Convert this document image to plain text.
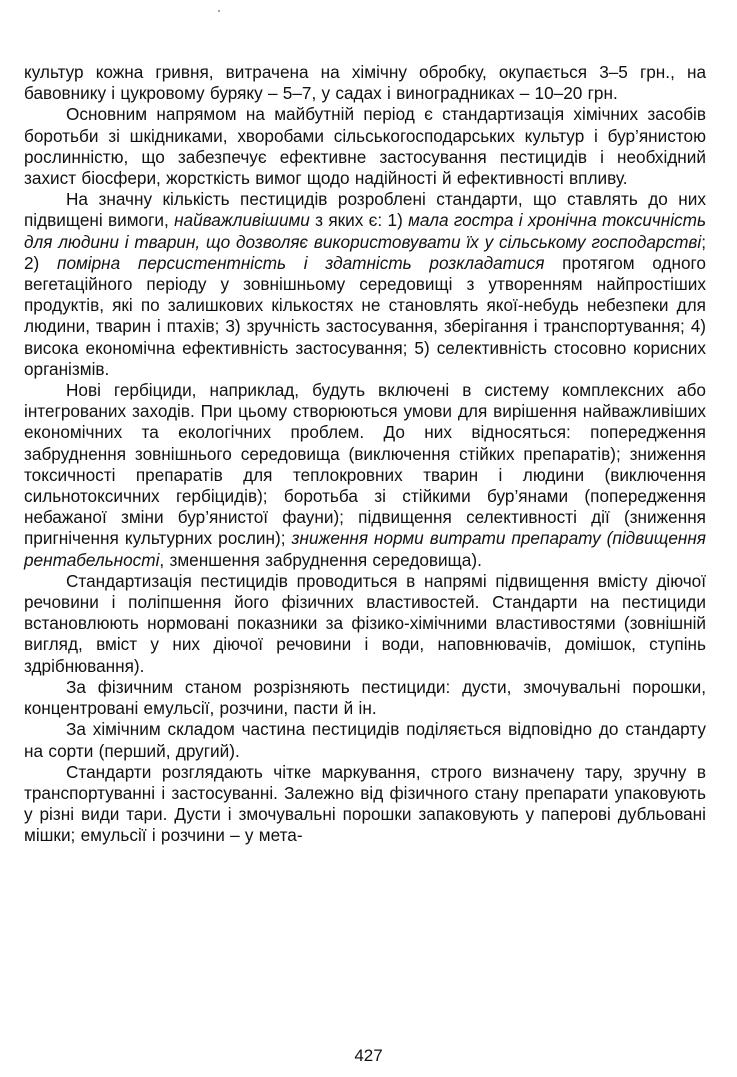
культур кожна гривня, витрачена на хімічну обробку, окупається 3–5 грн., на бавовнику і цукровому буряку – 5–7, у садах і виноградниках – 10–20 грн.

Основним напрямом на майбутній період є стандартизація хімічних засобів боротьби зі шкідниками, хворобами сільськогосподарських культур і бур’янистою рослинністю, що забезпечує ефективне застосування пестицидів і необхідний захист біосфери, жорсткість вимог щодо надійності й ефективності впливу.

На значну кількість пестицидів розроблені стандарти, що ставлять до них підвищені вимоги, найважливішими з яких є: 1) мала гостра і хронічна токсичність для людини і тварин, що дозволяє використовувати їх у сільському господарстві; 2) помірна персистентність і здатність розкладатися протягом одного вегетаційного періоду у зовнішньому середовищі з утворенням найпростіших продуктів, які по залишкових кількостях не становлять якої-небудь небезпеки для людини, тварин і птахів; 3) зручність застосування, зберігання і транспортування; 4) висока економічна ефективність застосування; 5) селективність стосовно корисних організмів.

Нові гербіциди, наприклад, будуть включені в систему комплексних або інтегрованих заходів. При цьому створюються умови для вирішення найважливіших економічних та екологічних проблем. До них відносяться: попередження забруднення зовнішнього середовища (виключення стійких препаратів); зниження токсичності препаратів для теплокровних тварин і людини (виключення сильнотоксичних гербіцидів); боротьба зі стійкими бур’янами (попередження небажаної зміни бур’янистої фауни); підвищення селективності дії (зниження пригнічення культурних рослин); зниження норми витрати препарату (підвищення рентабельності, зменшення забруднення середовища).

Стандартизація пестицидів проводиться в напрямі підвищення вмісту діючої речовини і поліпшення його фізичних властивостей. Стандарти на пестициди встановлюють нормовані показники за фізико-хімічними властивостями (зовнішній вигляд, вміст у них діючої речовини і води, наповнювачів, домішок, ступінь здрібнювання).

За фізичним станом розрізняють пестициди: дусти, змочувальні порошки, концентровані емульсії, розчини, пасти й ін.

За хімічним складом частина пестицидів поділяється відповідно до стандарту на сорти (перший, другий).

Стандарти розглядають чітке маркування, строго визначену тару, зручну в транспортуванні і застосуванні. Залежно від фізичного стану препарати упаковують у різні види тари. Дусти і змочувальні порошки запаковують у паперові дубльовані мішки; емульсії і розчини – у мета-

427
